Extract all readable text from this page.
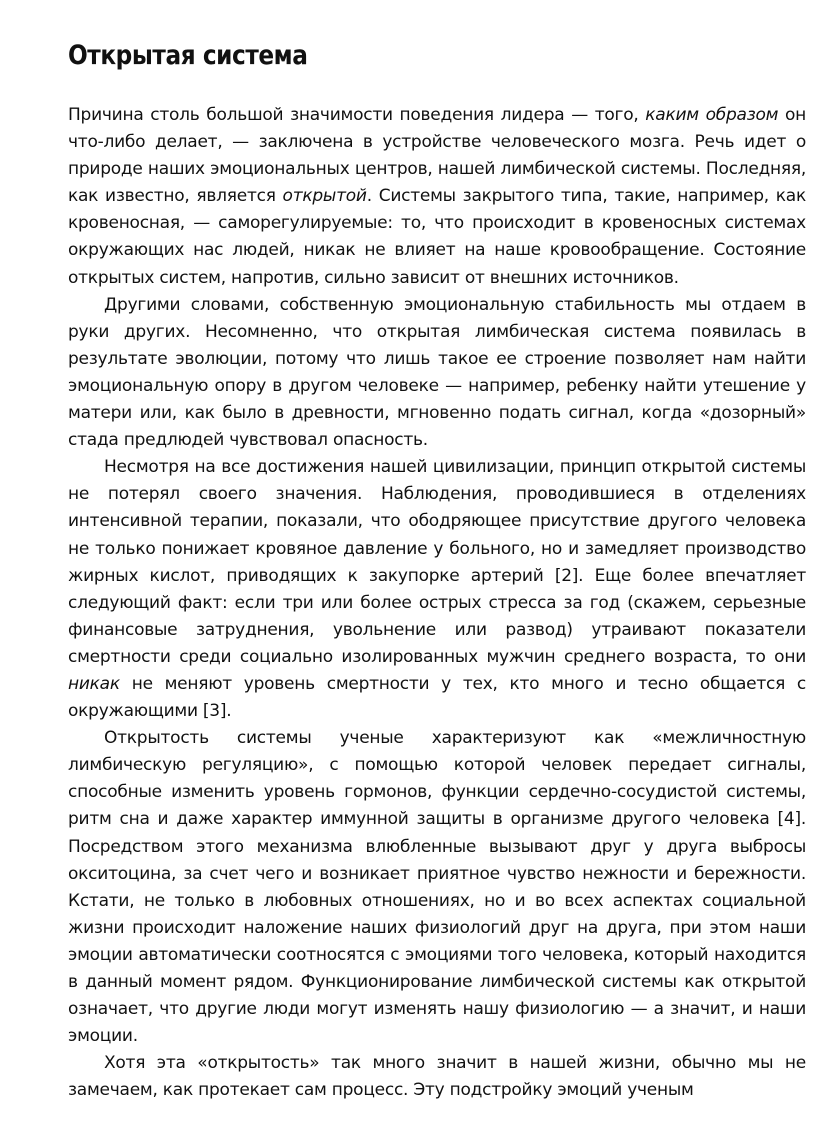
Открытая система

Причина столь большой значимости поведения лидера — того, каким образом он что-либо делает, — заключена в устройстве человеческого мозга. Речь идет о природе наших эмоциональных центров, нашей лимбической системы. Последняя, как известно, является открытой. Системы закрытого типа, такие, например, как кровеносная, — саморегулируемые: то, что происходит в кровеносных системах окружающих нас людей, никак не влияет на наше кровообращение. Состояние открытых систем, напротив, сильно зависит от внешних источников.

Другими словами, собственную эмоциональную стабильность мы отдаем в руки других. Несомненно, что открытая лимбическая система появилась в результате эволюции, потому что лишь такое ее строение позволяет нам найти эмоциональную опору в другом человеке — например, ребенку найти утешение у матери или, как было в древности, мгновенно подать сигнал, когда «дозорный» стада предлюдей чувствовал опасность.

Несмотря на все достижения нашей цивилизации, принцип открытой системы не потерял своего значения. Наблюдения, проводившиеся в отделениях интенсивной терапии, показали, что ободряющее присутствие другого человека не только понижает кровяное давление у больного, но и замедляет производство жирных кислот, приводящих к закупорке артерий [2]. Еще более впечатляет следующий факт: если три или более острых стресса за год (скажем, серьезные финансовые затруднения, увольнение или развод) утраивают показатели смертности среди социально изолированных мужчин среднего возраста, то они никак не меняют уровень смертности у тех, кто много и тесно общается с окружающими [3].

Открытость системы ученые характеризуют как «межличностную лимбическую регуляцию», с помощью которой человек передает сигналы, способные изменить уровень гормонов, функции сердечно-сосудистой системы, ритм сна и даже характер иммунной защиты в организме другого человека [4]. Посредством этого механизма влюбленные вызывают друг у друга выбросы окситоцина, за счет чего и возникает приятное чувство нежности и бережности. Кстати, не только в любовных отношениях, но и во всех аспектах социальной жизни происходит наложение наших физиологий друг на друга, при этом наши эмоции автоматически соотносятся с эмоциями того человека, который находится в данный момент рядом. Функционирование лимбической системы как открытой означает, что другие люди могут изменять нашу физиологию — а значит, и наши эмоции.

Хотя эта «открытость» так много значит в нашей жизни, обычно мы не замечаем, как протекает сам процесс. Эту подстройку эмоций ученым
